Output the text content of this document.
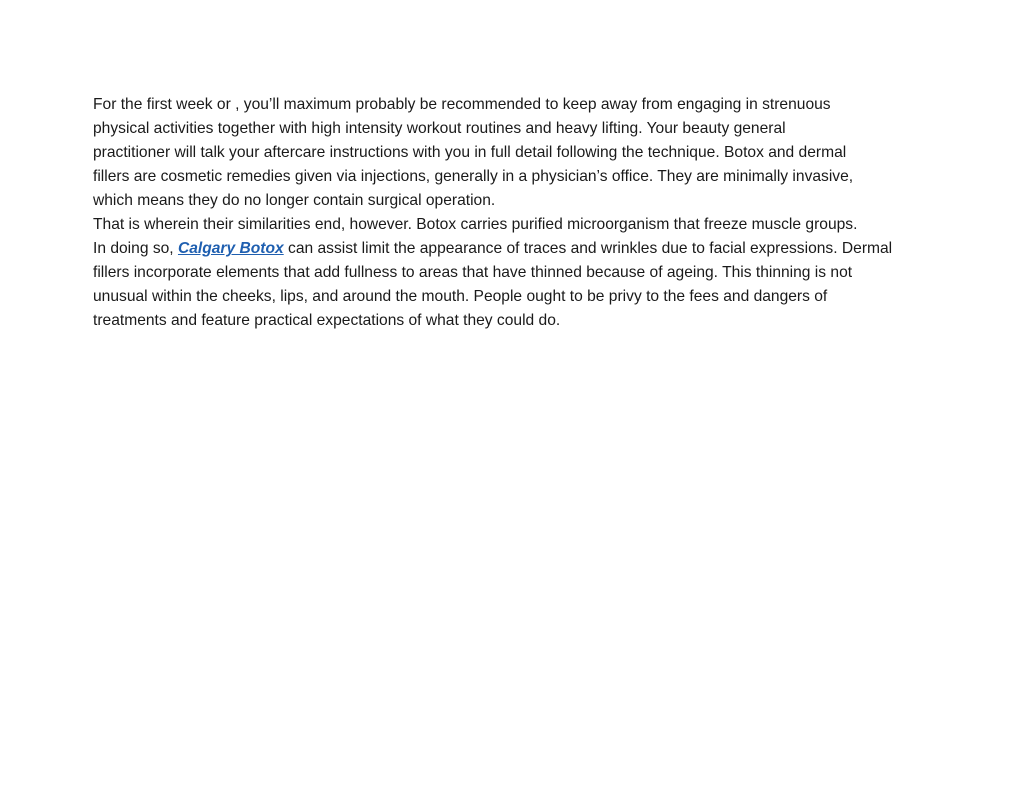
For the first week or , you’ll maximum probably be recommended to keep away from engaging in strenuous
physical activities together with high intensity workout routines and heavy lifting. Your beauty general
practitioner will talk your aftercare instructions with you in full detail following the technique. Botox and dermal
fillers are cosmetic remedies given via injections, generally in a physician’s office. They are minimally invasive,
which means they do no longer contain surgical operation.
That is wherein their similarities end, however. Botox carries purified microorganism that freeze muscle groups.
In doing so, Calgary Botox can assist limit the appearance of traces and wrinkles due to facial expressions. Dermal
fillers incorporate elements that add fullness to areas that have thinned because of ageing. This thinning is not
unusual within the cheeks, lips, and around the mouth. People ought to be privy to the fees and dangers of
treatments and feature practical expectations of what they could do.
